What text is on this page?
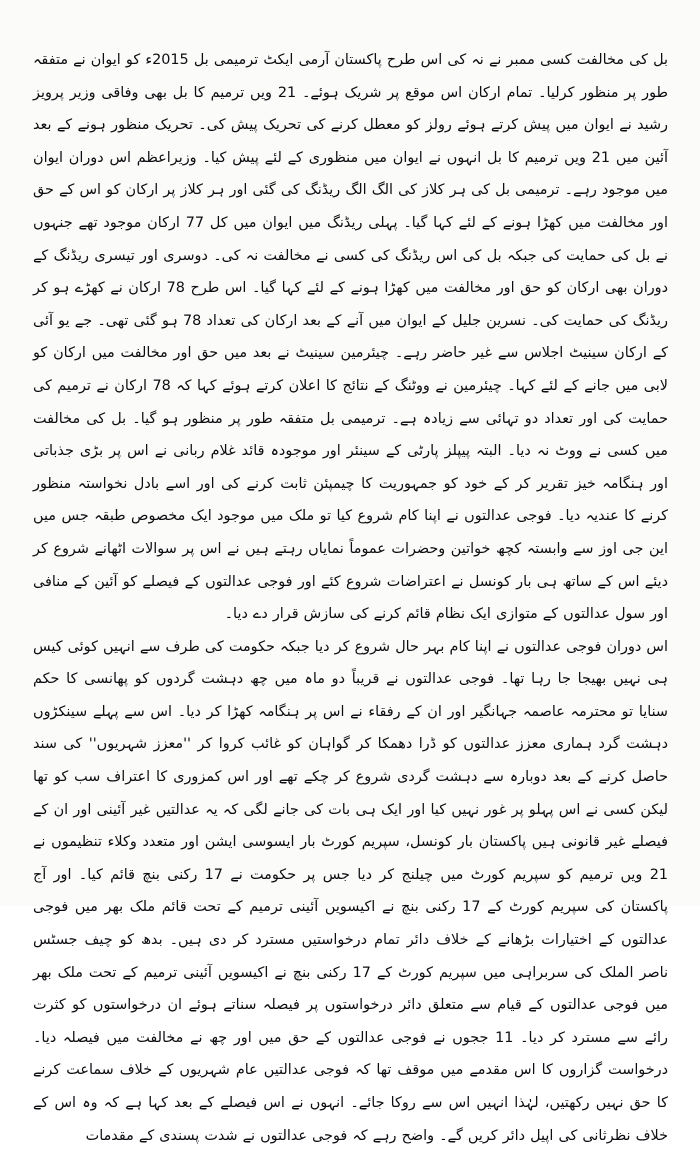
بل کی مخالفت کسی ممبر نے نہ کی اس طرح پاکستان آرمی ایکٹ ترمیمی بل 2015ء کو ایوان نے متفقہ طور پر منظور کرلیا۔ تمام ارکان اس موقع پر شریک ہوئے۔ 21 ویں ترمیم کا بل بھی وفاقی وزیر پرویز رشید نے ایوان میں پیش کرتے ہوئے رولز کو معطل کرنے کی تحریک پیش کی۔ تحریک منظور ہونے کے بعد آئین میں 21 ویں ترمیم کا بل انہوں نے ایوان میں منظوری کے لئے پیش کیا۔ وزیراعظم اس دوران ایوان میں موجود رہے۔ ترمیمی بل کی ہر کلاز کی الگ الگ ریڈنگ کی گئی اور ہر کلاز پر ارکان کو اس کے حق اور مخالفت میں کھڑا ہونے کے لئے کہا گیا۔ پہلی ریڈنگ میں ایوان میں کل 77 ارکان موجود تھے جنہوں نے بل کی حمایت کی جبکہ بل کی اس ریڈنگ کی کسی نے مخالفت نہ کی۔ دوسری اور تیسری ریڈنگ کے دوران بھی ارکان کو حق اور مخالفت میں کھڑا ہونے کے لئے کہا گیا۔ اس طرح 78 ارکان نے کھڑے ہو کر ریڈنگ کی حمایت کی۔ نسرین جلیل کے ایوان میں آنے کے بعد ارکان کی تعداد 78 ہو گئی تھی۔ جے یو آئی کے ارکان سینیٹ اجلاس سے غیر حاضر رہے۔ چیئرمین سینیٹ نے بعد میں حق اور مخالفت میں ارکان کو لابی میں جانے کے لئے کہا۔ چیئرمین نے ووٹنگ کے نتائج کا اعلان کرتے ہوئے کہا کہ 78 ارکان نے ترمیم کی حمایت کی اور تعداد دو تہائی سے زیادہ ہے۔ ترمیمی بل متفقہ طور پر منظور ہو گیا۔ بل کی مخالفت میں کسی نے ووٹ نہ دیا۔ البتہ پیپلز پارٹی کے سینئر اور موجودہ قائد غلام ربانی نے اس پر بڑی جذباتی اور ہنگامہ خیز تقریر کر کے خود کو جمہوریت کا چیمپئن ثابت کرنے کی اور اسے بادل نخواستہ منظور کرنے کا عندیہ دیا۔ فوجی عدالتوں نے اپنا کام شروع کیا تو ملک میں موجود ایک مخصوص طبقہ جس میں این جی اوز سے وابستہ کچھ خواتین وحضرات عموماً نمایاں رہتے ہیں نے اس پر سوالات اٹھانے شروع کر دیئے اس کے ساتھ ہی بار کونسل نے اعتراضات شروع کئے اور فوجی عدالتوں کے فیصلے کو آئین کے منافی اور سول عدالتوں کے متوازی ایک نظام قائم کرنے کی سازش قرار دے دیا۔

اس دوران فوجی عدالتوں نے اپنا کام بہر حال شروع کر دیا جبکہ حکومت کی طرف سے انہیں کوئی کیس ہی نہیں بھیجا جا رہا تھا۔ فوجی عدالتوں نے قریباً دو ماہ میں چھ دہشت گردوں کو پھانسی کا حکم سنایا تو محترمہ عاصمہ جہانگیر اور ان کے رفقاء نے اس پر ہنگامہ کھڑا کر دیا۔ اس سے پہلے سینکڑوں دہشت گرد ہماری معزز عدالتوں کو ڈرا دھمکا کر گواہان کو غائب کروا کر ''معزز شہریوں'' کی سند حاصل کرنے کے بعد دوبارہ سے دہشت گردی شروع کر چکے تھے اور اس کمزوری کا اعتراف سب کو تھا لیکن کسی نے اس پہلو پر غور نہیں کیا اور ایک ہی بات کی جانے لگی کہ یہ عدالتیں غیر آئینی اور ان کے فیصلے غیر قانونی ہیں پاکستان بار کونسل، سپریم کورٹ بار ایسوسی ایشن اور متعدد وکلاء تنظیموں نے 21 ویں ترمیم کو سپریم کورٹ میں چیلنج کر دیا جس پر حکومت نے 17 رکنی بنچ قائم کیا۔ اور آج پاکستان کی سپریم کورٹ کے 17 رکنی بنچ نے اکیسویں آئینی ترمیم کے تحت قائم ملک بھر میں فوجی عدالتوں کے اختیارات بڑھانے کے خلاف دائر تمام درخواستیں مسترد کر دی ہیں۔ بدھ کو چیف جسٹس ناصر الملک کی سربراہی میں سپریم کورٹ کے 17 رکنی بنچ نے اکیسویں آئینی ترمیم کے تحت ملک بھر میں فوجی عدالتوں کے قیام سے متعلق دائر درخواستوں پر فیصلہ سناتے ہوئے ان درخواستوں کو کثرت رائے سے مسترد کر دیا۔ 11 ججوں نے فوجی عدالتوں کے حق میں اور چھ نے مخالفت میں فیصلہ دیا۔ درخواست گزاروں کا اس مقدمے میں موقف تھا کہ فوجی عدالتیں عام شہریوں کے خلاف سماعت کرنے کا حق نہیں رکھتیں، لہٰذا انہیں اس سے روکا جائے۔ انہوں نے اس فیصلے کے بعد کہا ہے کہ وہ اس کے خلاف نظرثانی کی اپیل دائر کریں گے۔ واضح رہے کہ فوجی عدالتوں نے شدت پسندی کے مقدمات
